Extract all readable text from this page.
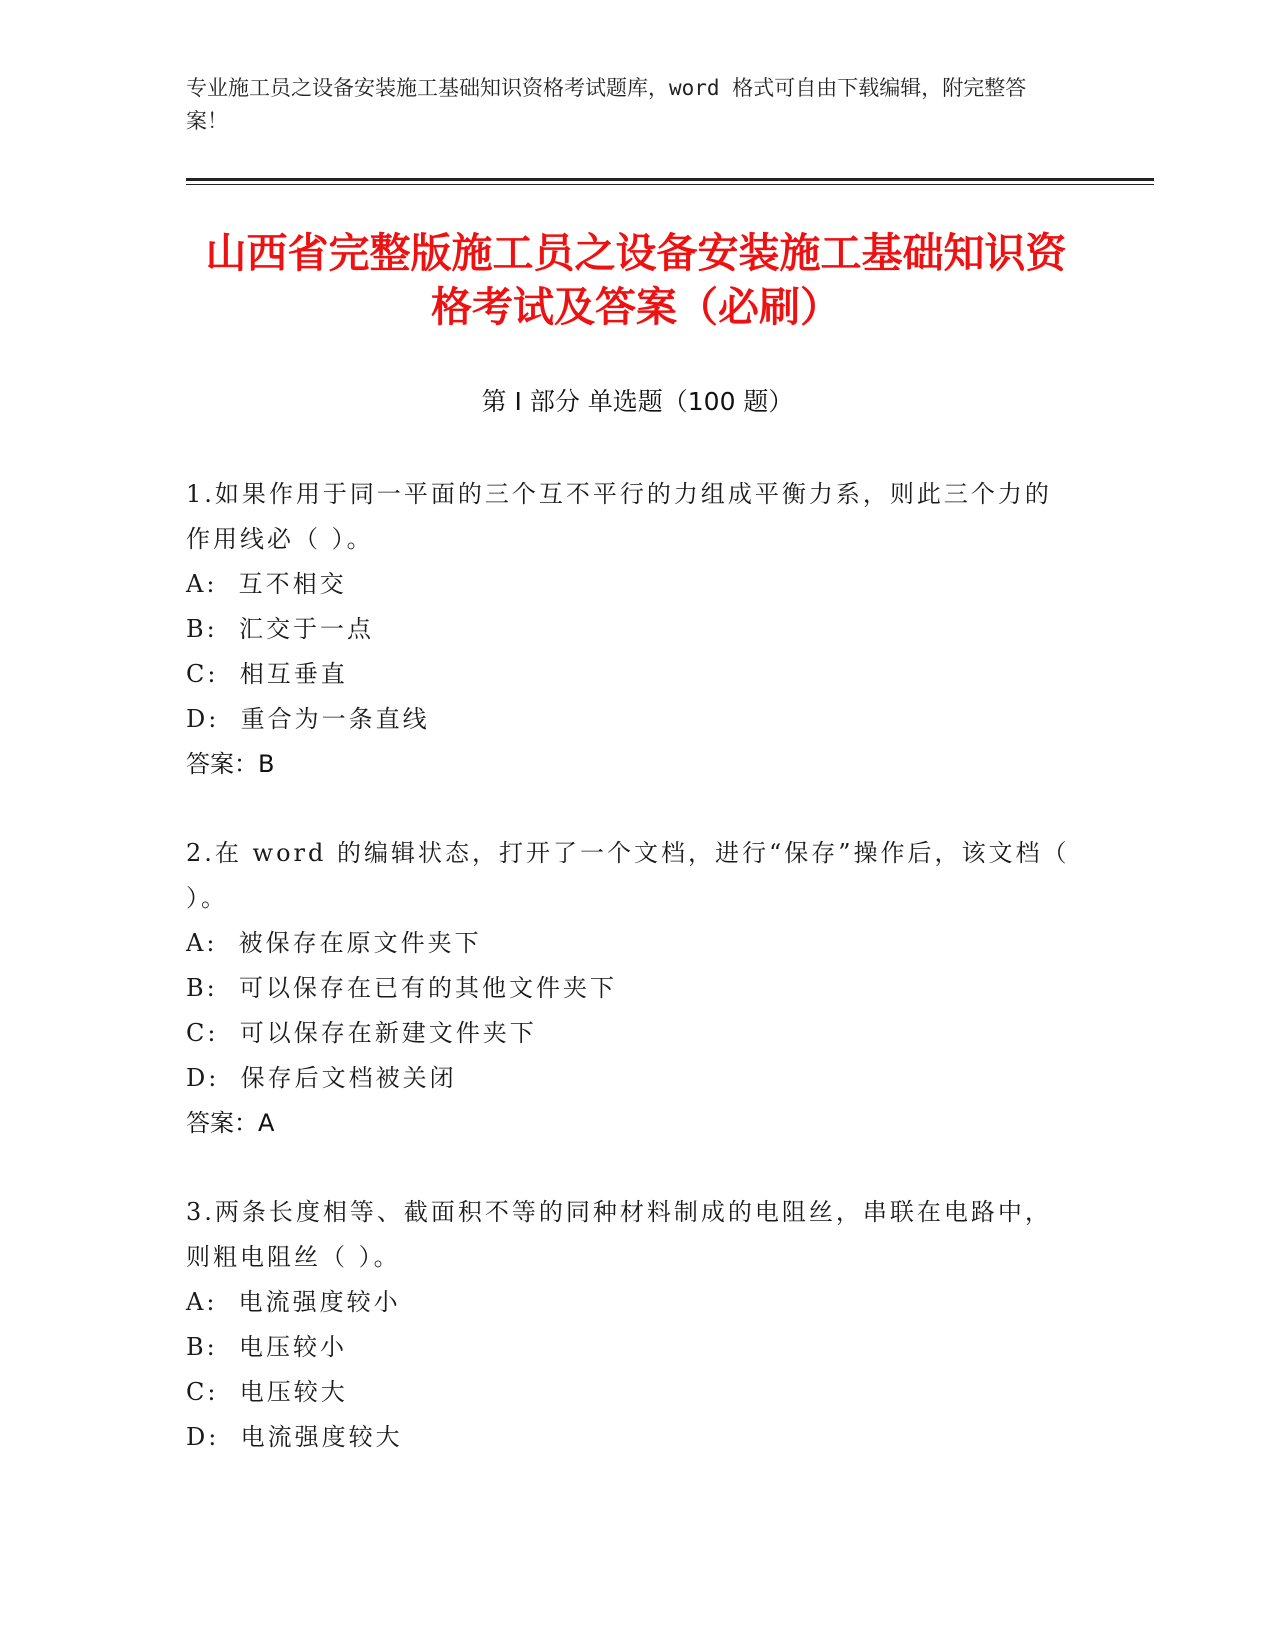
专业施工员之设备安装施工基础知识资格考试题库，word 格式可自由下载编辑，附完整答案！
山西省完整版施工员之设备安装施工基础知识资格考试及答案（必刷）
第 I 部分 单选题（100 题）
1.如果作用于同一平面的三个互不平行的力组成平衡力系，则此三个力的作用线必（ ）。
A:  互不相交
B:  汇交于一点
C:  相互垂直
D:  重合为一条直线
答案：B
2.在 word 的编辑状态，打开了一个文档，进行“保存”操作后，该文档（ ）。
A:  被保存在原文件夹下
B:  可以保存在已有的其他文件夹下
C:  可以保存在新建文件夹下
D:  保存后文档被关闭
答案：A
3.两条长度相等、截面积不等的同种材料制成的电阻丝，串联在电路中，则粗电阻丝（ ）。
A:  电流强度较小
B:  电压较小
C:  电压较大
D:  电流强度较大
